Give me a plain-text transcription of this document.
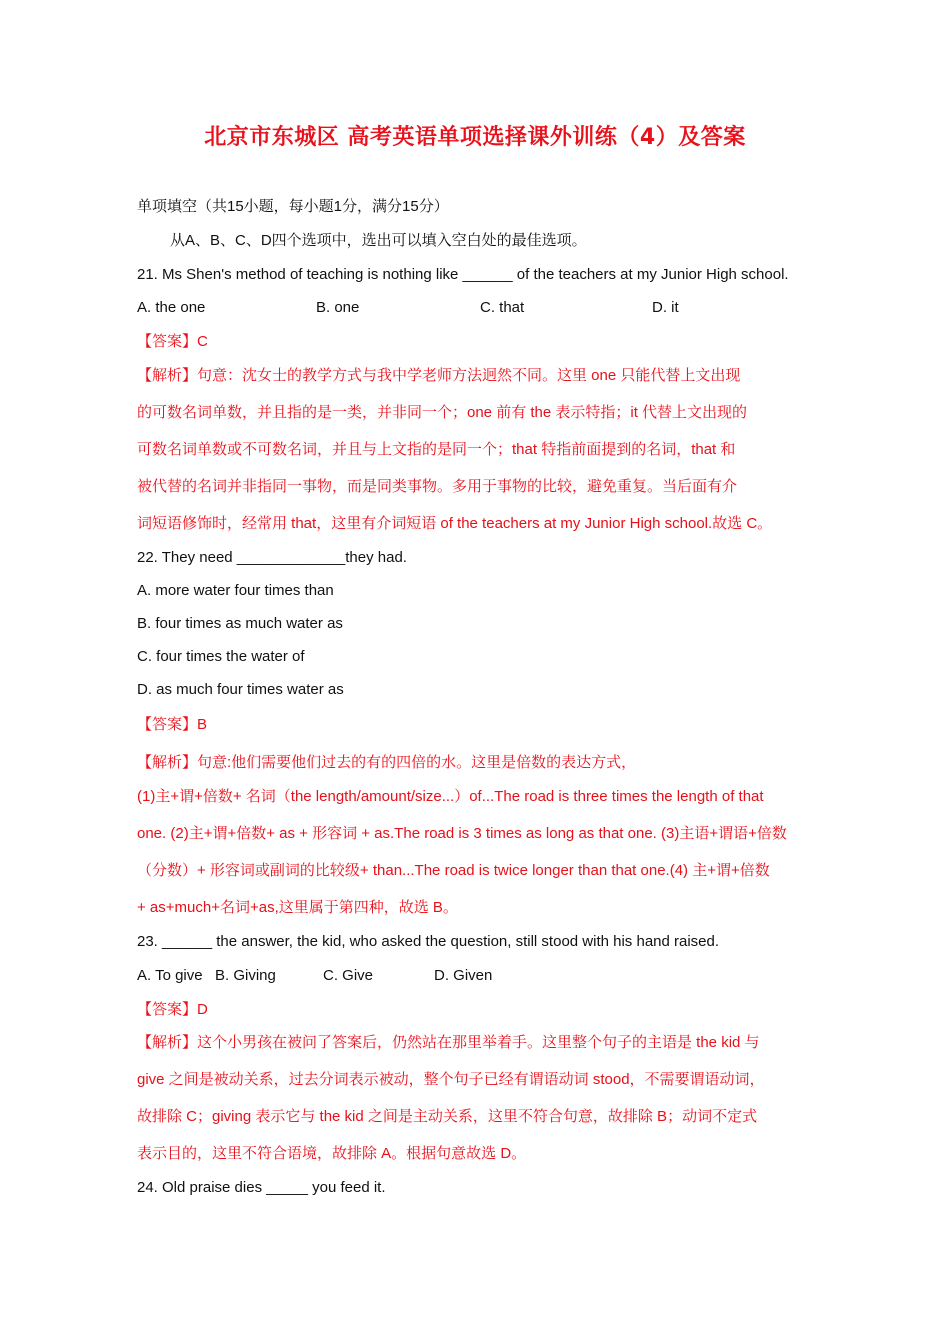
北京市东城区 高考英语单项选择课外训练（4）及答案
单项填空（共15小题，每小题1分，满分15分）
从A、B、C、D四个选项中，选出可以填入空白处的最佳选项。
21. Ms Shen's method of teaching is nothing like ______ of the teachers at my Junior High school.
A. the one	B. one	C. that	D. it
【答案】C
【解析】句意：沈女士的教学方式与我中学老师方法迥然不同。这里 one 只能代替上文出现
的可数名词单数，并且指的是一类，并非同一个；one 前有 the 表示特指；it 代替上文出现的
可数名词单数或不可数名词，并且与上文指的是同一个；that 特指前面提到的名词，that 和
被代替的名词并非指同一事物，而是同类事物。多用于事物的比较，避免重复。当后面有介
词短语修饰时，经常用 that，这里有介词短语 of the teachers at my Junior High school.故选 C。
22. They need _____________they had.
A. more water four times than
B. four times as much water as
C. four times the water of
D. as much four times water as
【答案】B
【解析】句意:他们需要他们过去的有的四倍的水。这里是倍数的表达方式，
(1)主+谓+倍数+ 名词（the length/amount/size...）of...The road is three times the length of that
one. (2)主+谓+倍数+ as + 形容词 + as.The road is 3 times as long as that one. (3)主语+谓语+倍数
（分数）+ 形容词或副词的比较级+ than...The road is twice longer than that one.(4) 主+谓+倍数
+ as+much+名词+as,这里属于第四种，故选 B。
23. ______ the answer, the kid, who asked the question, still stood with his hand raised.
A. To give B. Giving	C. Give	D. Given
【答案】D
【解析】这个小男孩在被问了答案后，仍然站在那里举着手。这里整个句子的主语是 the kid 与
give 之间是被动关系，过去分词表示被动，整个句子已经有谓语动词 stood，不需要谓语动词，
故排除 C；giving 表示它与 the kid 之间是主动关系，这里不符合句意，故排除 B；动词不定式
表示目的，这里不符合语境，故排除 A。根据句意故选 D。
24. Old praise dies _____ you feed it.
